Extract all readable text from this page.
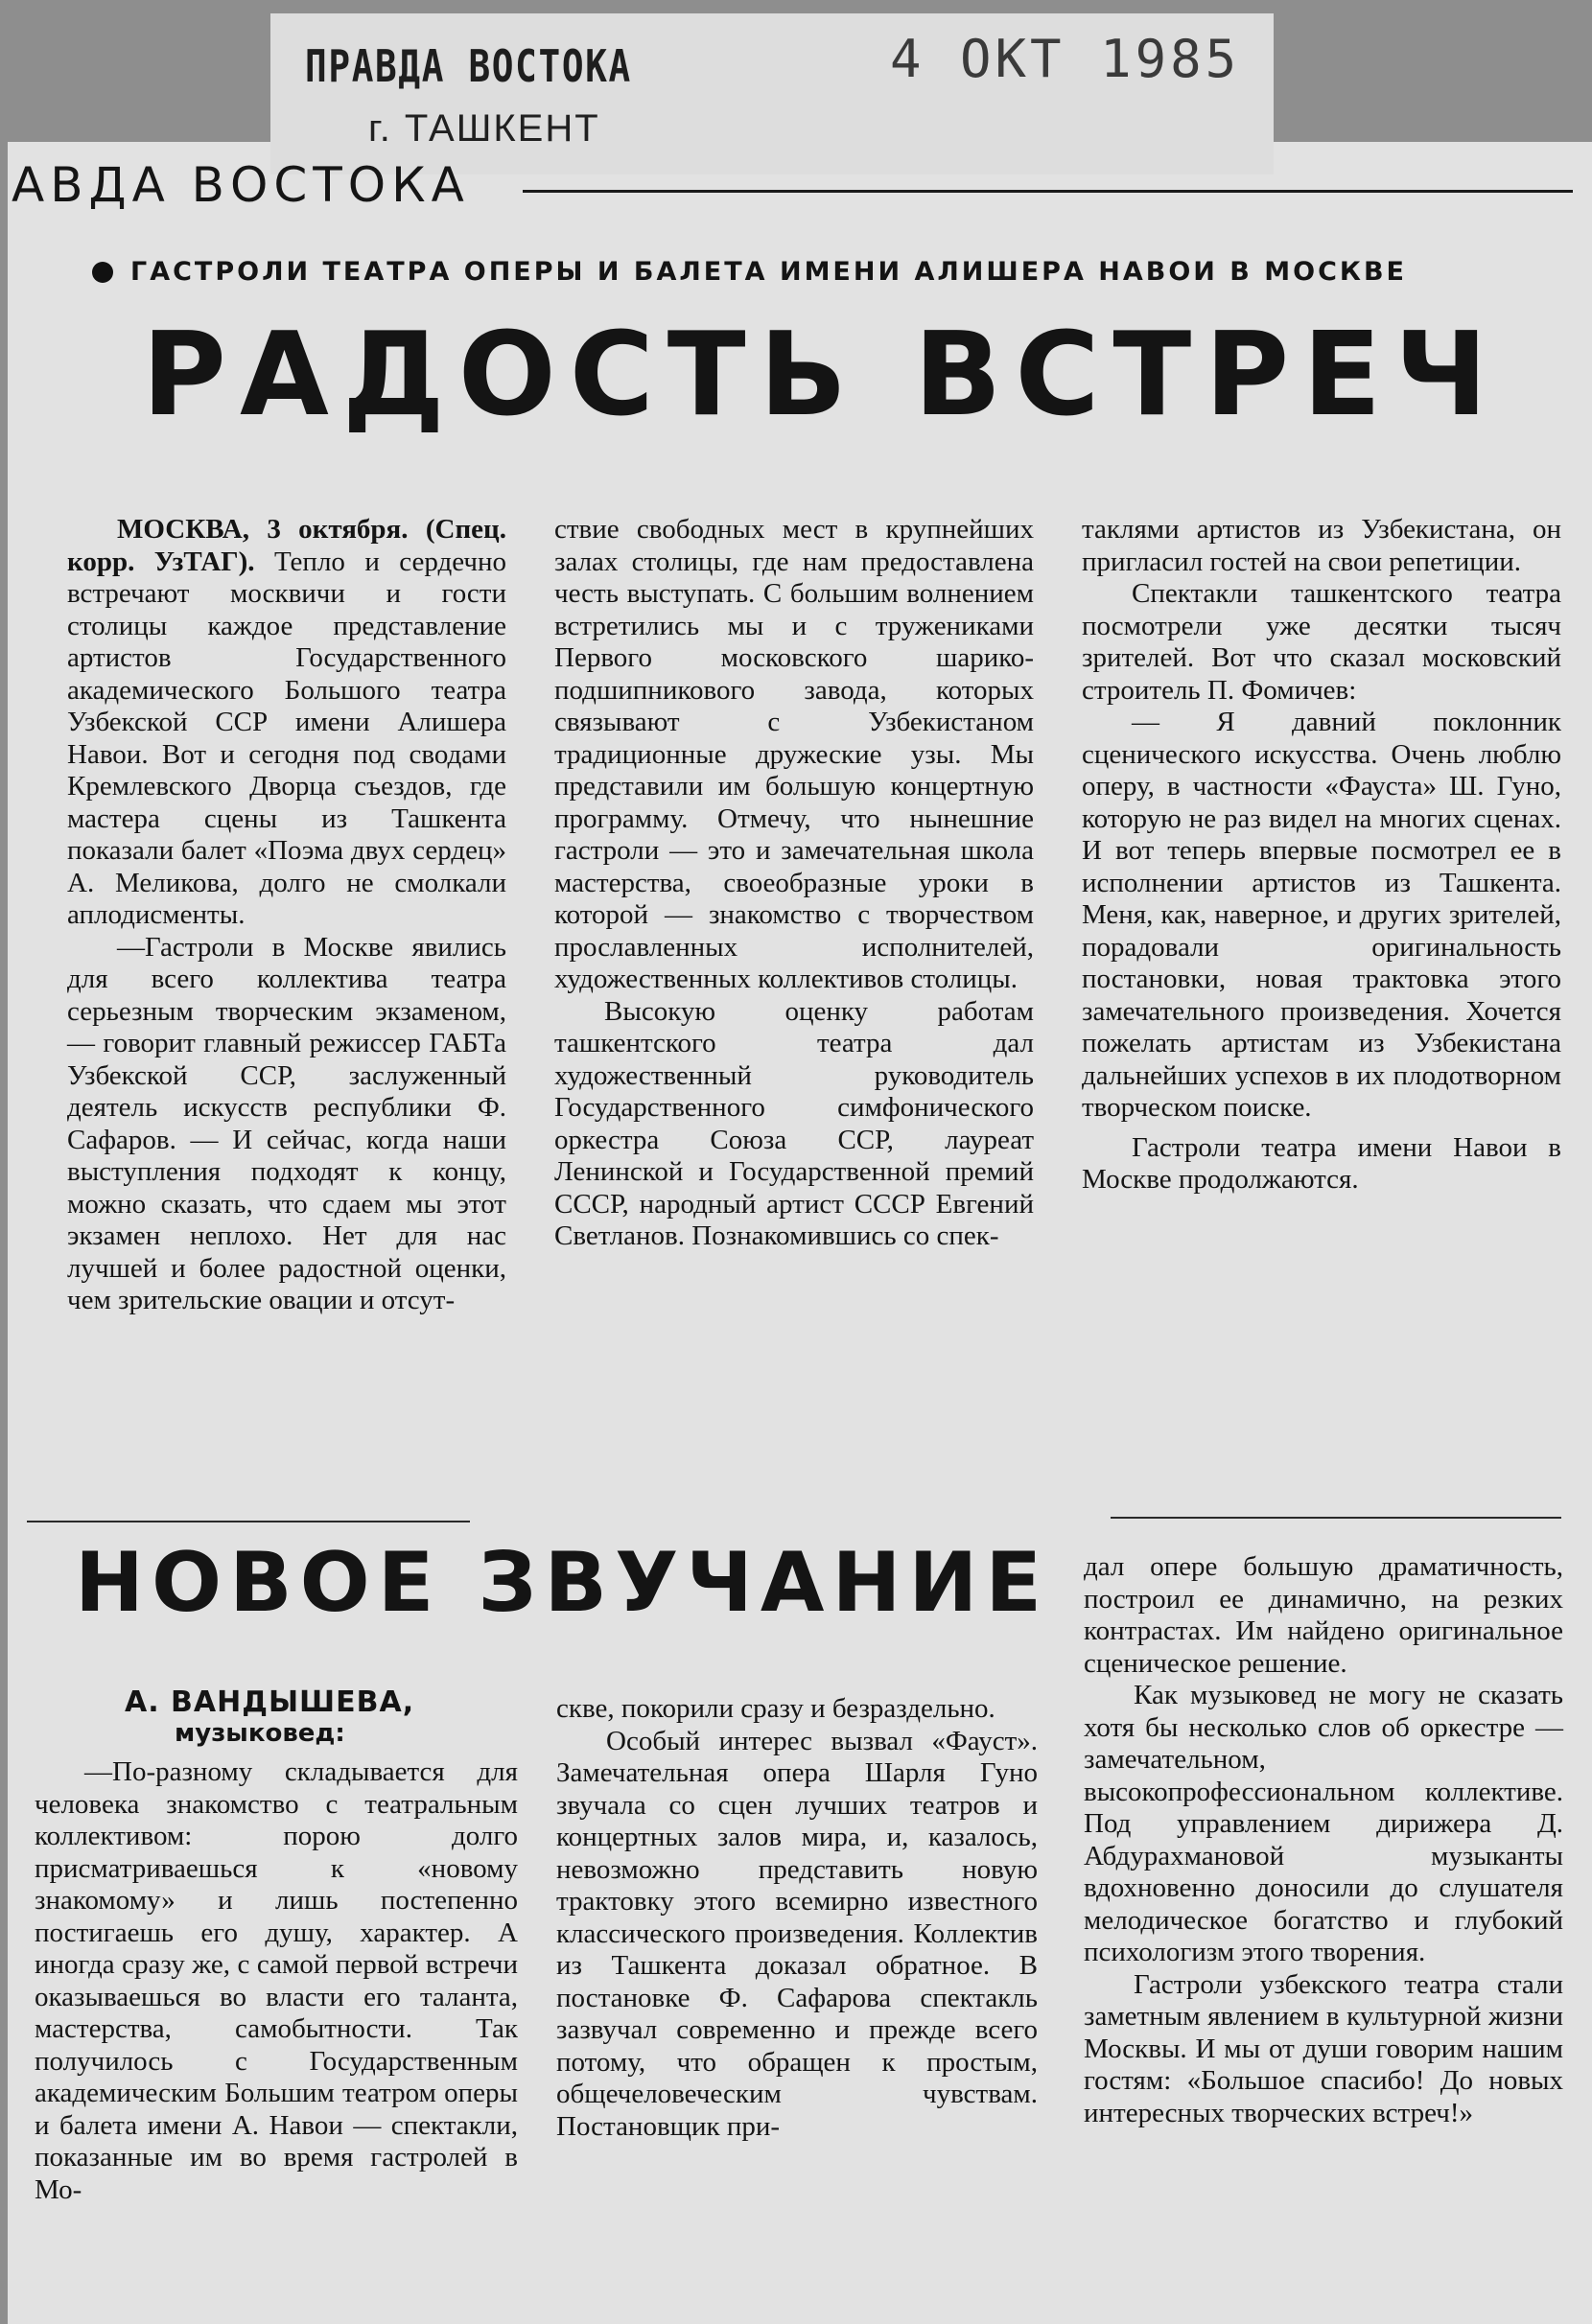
ПРАВДА ВОСТОКА
г. ТАШКЕНТ
4 ОКТ 1985
АВДА ВОСТОКА
ГАСТРОЛИ ТЕАТРА ОПЕРЫ И БАЛЕТА ИМЕНИ АЛИШЕРА НАВОИ В МОСКВЕ
РАДОСТЬ ВСТРЕЧ

МОСКВА, 3 октября. (Спец. корр. УзТАГ). Тепло и сердечно встречают москвичи и гости столицы каждое представление артистов Государственного академического Большого театра Узбекской ССР имени Алишера Навои. Вот и сегодня под сводами Кремлевского Дворца съездов, где мастера сцены из Ташкента показали балет «Поэма двух сердец» А. Меликова, долго не смолкали аплодисменты.

—Гастроли в Москве явились для всего коллектива театра серьезным творческим экзаменом, — говорит главный режиссер ГАБТа Узбекской ССР, заслуженный деятель искусств республики Ф. Сафаров. — И сейчас, когда наши выступления подходят к концу, можно сказать, что сдаем мы этот экзамен неплохо. Нет для нас лучшей и более радостной оценки, чем зрительские овации и отсут-

ствие свободных мест в крупнейших залах столицы, где нам предоставлена честь выступать. С большим волнением встретились мы и с тружениками Первого московского шарико-подшипникового завода, которых связывают с Узбекистаном традиционные дружеские узы. Мы представили им большую концертную программу. Отмечу, что нынешние гастроли — это и замечательная школа мастерства, своеобразные уроки в которой — знакомство с творчеством прославленных исполнителей, художественных коллективов столицы.

Высокую оценку работам ташкентского театра дал художественный руководитель Государственного симфонического оркестра Союза ССР, лауреат Ленинской и Государственной премий СССР, народный артист СССР Евгений Светланов. Познакомившись со спек-

таклями артистов из Узбекистана, он пригласил гостей на свои репетиции.

Спектакли ташкентского театра посмотрели уже десятки тысяч зрителей. Вот что сказал московский строитель П. Фомичев:

— Я давний поклонник сценического искусства. Очень люблю оперу, в частности «Фауста» Ш. Гуно, которую не раз видел на многих сценах. И вот теперь впервые посмотрел ее в исполнении артистов из Ташкента. Меня, как, наверное, и других зрителей, порадовали оригинальность постановки, новая трактовка этого замечательного произведения. Хочется пожелать артистам из Узбекистана дальнейших успехов в их плодотворном творческом поиске.

Гастроли театра имени Навои в Москве продолжаются.

НОВОЕ ЗВУЧАНИЕ
А. ВАНДЫШЕВА,
музыковед:

—По-разному складывается для человека знакомство с театральным коллективом: порою долго присматриваешься к «новому знакомому» и лишь постепенно постигаешь его душу, характер. А иногда сразу же, с самой первой встречи оказываешься во власти его таланта, мастерства, самобытности. Так получилось с Государственным академическим Большим театром оперы и балета имени А. Навои — спектакли, показанные им во время гастролей в Мо-

скве, покорили сразу и безраздельно.

Особый интерес вызвал «Фауст». Замечательная опера Шарля Гуно звучала со сцен лучших театров и концертных залов мира, и, казалось, невозможно представить новую трактовку этого всемирно известного классического произведения. Коллектив из Ташкента доказал обратное. В постановке Ф. Сафарова спектакль зазвучал современно и прежде всего потому, что обращен к простым, общечеловеческим чувствам. Постановщик при-

дал опере большую драматичность, построил ее динамично, на резких контрастах. Им найдено оригинальное сценическое решение.

Как музыковед не могу не сказать хотя бы несколько слов об оркестре — замечательном, высокопрофессиональном коллективе. Под управлением дирижера Д. Абдурахмановой музыканты вдохновенно доносили до слушателя мелодическое богатство и глубокий психологизм этого творения.

Гастроли узбекского театра стали заметным явлением в культурной жизни Москвы. И мы от души говорим нашим гостям: «Большое спасибо! До новых интересных творческих встреч!»
